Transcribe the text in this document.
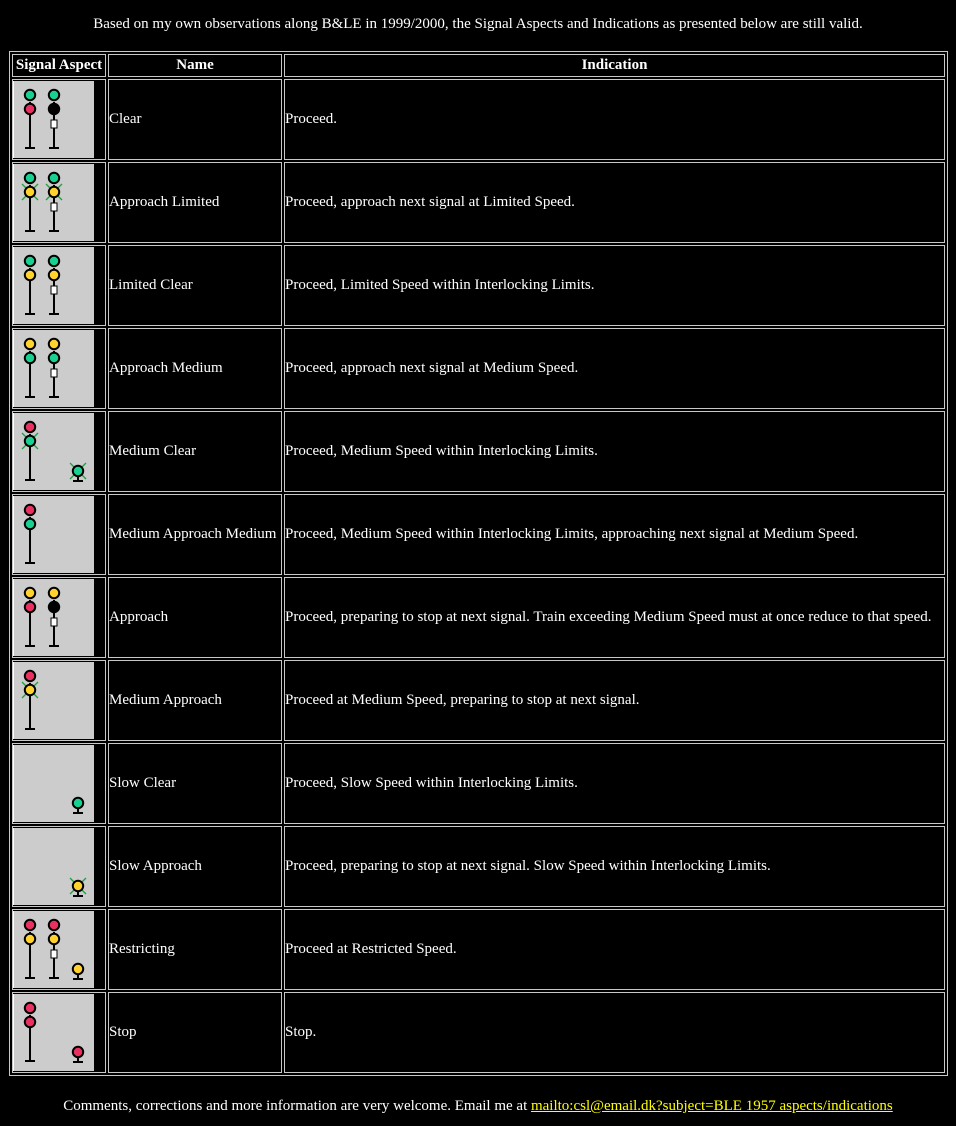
Based on my own observations along B&LE in 1999/2000, the Signal Aspects and Indications as presented below are still valid.
Signal Aspect	Name	Indication

	Clear	Proceed.

	Approach Limited	Proceed, approach next signal at Limited Speed.

	Limited Clear	Proceed, Limited Speed within Interlocking Limits.

	Approach Medium	Proceed, approach next signal at Medium Speed.

	Medium Clear	Proceed, Medium Speed within Interlocking Limits.

	Medium Approach Medium	Proceed, Medium Speed within Interlocking Limits, approaching next signal at Medium Speed.

	Approach	Proceed, preparing to stop at next signal. Train exceeding Medium Speed must at once reduce to that speed.

	Medium Approach	Proceed at Medium Speed, preparing to stop at next signal.

	Slow Clear	Proceed, Slow Speed within Interlocking Limits.

	Slow Approach	Proceed, preparing to stop at next signal. Slow Speed within Interlocking Limits.

	Restricting	Proceed at Restricted Speed.

	Stop	Stop.
Comments, corrections and more information are very welcome. Email me at mailto:csl@email.dk?subject=BLE 1957 aspects/indications
